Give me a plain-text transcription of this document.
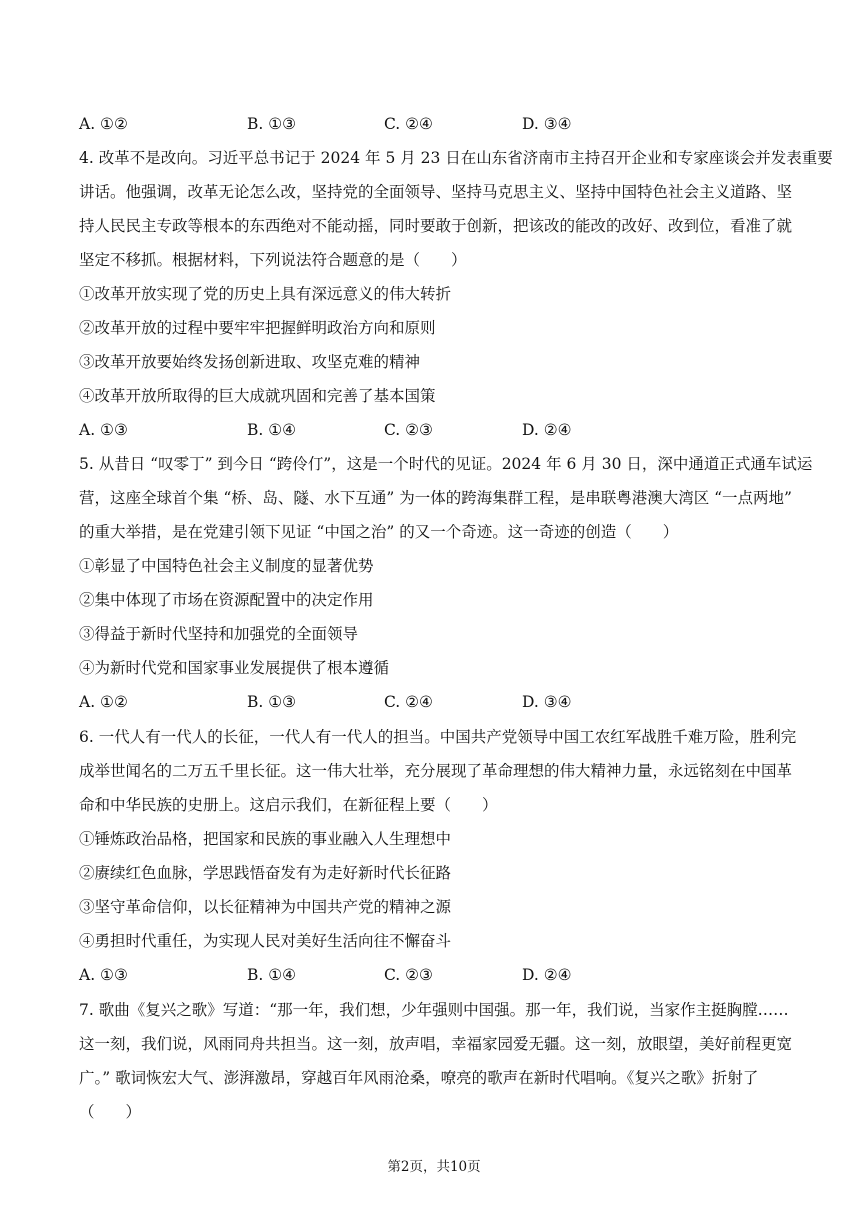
A. ①②	B. ①③	C. ②④	D. ③④
4. 改革不是改向。习近平总书记于 2024 年 5 月 23 日在山东省济南市主持召开企业和专家座谈会并发表重要
讲话。他强调，改革无论怎么改，坚持党的全面领导、坚持马克思主义、坚持中国特色社会主义道路、坚
持人民民主专政等根本的东西绝对不能动摇，同时要敢于创新，把该改的能改的改好、改到位，看准了就
坚定不移抓。根据材料，下列说法符合题意的是（　　）
①改革开放实现了党的历史上具有深远意义的伟大转折
②改革开放的过程中要牢牢把握鲜明政治方向和原则
③改革开放要始终发扬创新进取、攻坚克难的精神
④改革开放所取得的巨大成就巩固和完善了基本国策
A. ①③	B. ①④	C. ②③	D. ②④
5. 从昔日 “叹零丁” 到今日 “跨伶仃”，这是一个时代的见证。2024 年 6 月 30 日，深中通道正式通车试运
营，这座全球首个集 “桥、岛、隧、水下互通” 为一体的跨海集群工程，是串联粤港澳大湾区 “一点两地”
的重大举措，是在党建引领下见证 “中国之治” 的又一个奇迹。这一奇迹的创造（　　）
①彰显了中国特色社会主义制度的显著优势
②集中体现了市场在资源配置中的决定作用
③得益于新时代坚持和加强党的全面领导
④为新时代党和国家事业发展提供了根本遵循
A. ①②	B. ①③	C. ②④	D. ③④
6. 一代人有一代人的长征，一代人有一代人的担当。中国共产党领导中国工农红军战胜千难万险，胜利完
成举世闻名的二万五千里长征。这一伟大壮举，充分展现了革命理想的伟大精神力量，永远铭刻在中国革
命和中华民族的史册上。这启示我们，在新征程上要（　　）
①锤炼政治品格，把国家和民族的事业融入人生理想中
②赓续红色血脉，学思践悟奋发有为走好新时代长征路
③坚守革命信仰，以长征精神为中国共产党的精神之源
④勇担时代重任，为实现人民对美好生活向往不懈奋斗
A. ①③	B. ①④	C. ②③	D. ②④
7. 歌曲《复兴之歌》写道：“那一年，我们想，少年强则中国强。那一年，我们说，当家作主挺胸膛……
这一刻，我们说，风雨同舟共担当。这一刻，放声唱，幸福家园爱无疆。这一刻，放眼望，美好前程更宽
广。” 歌词恢宏大气、澎湃激昂，穿越百年风雨沧桑，嘹亮的歌声在新时代唱响。《复兴之歌》折射了
（　　）
第2页，共10页
